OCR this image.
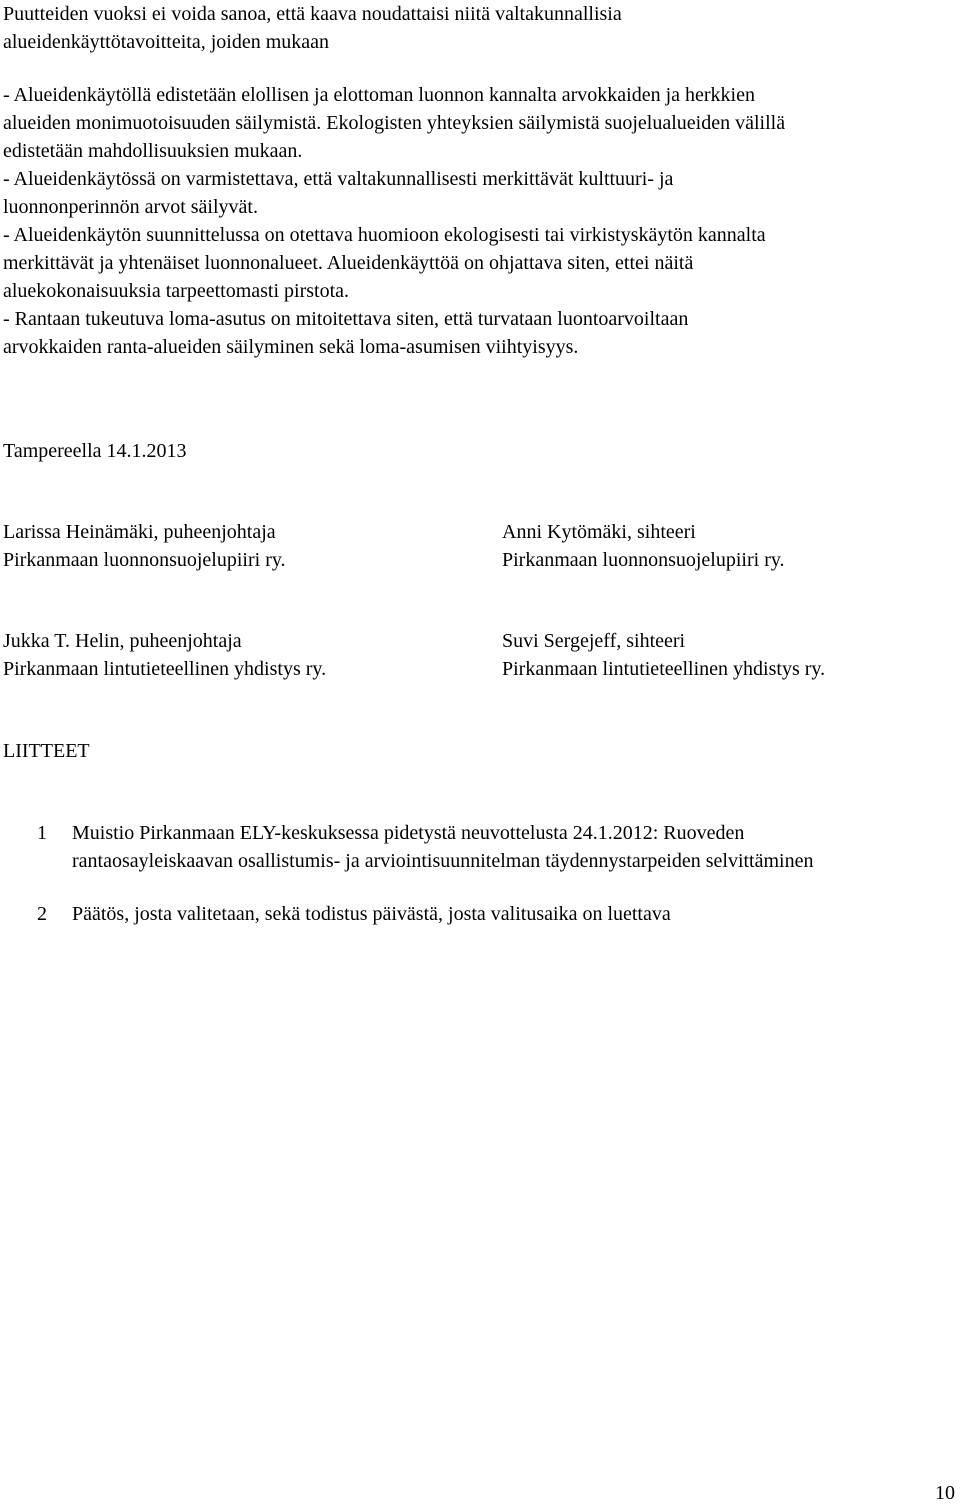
Puutteiden vuoksi ei voida sanoa, että kaava noudattaisi niitä valtakunnallisia
alueidenkäyttötavoitteita, joiden mukaan
- Alueidenkäytöllä edistetään elollisen ja elottoman luonnon kannalta arvokkaiden ja herkkien
alueiden monimuotoisuuden säilymistä. Ekologisten yhteyksien säilymistä suojelualueiden välillä
edistetään mahdollisuuksien mukaan.
- Alueidenkäytössä on varmistettava, että valtakunnallisesti merkittävät kulttuuri- ja
luonnonperinnön arvot säilyvät.
- Alueidenkäytön suunnittelussa on otettava huomioon ekologisesti tai virkistyskäytön kannalta
merkittävät ja yhtenäiset luonnonalueet. Alueidenkäyttöä on ohjattava siten, ettei näitä
aluekokonaisuuksia tarpeettomasti pirstota.
- Rantaan tukeutuva loma-asutus on mitoitettava siten, että turvataan luontoarvoiltaan
arvokkaiden ranta-alueiden säilyminen sekä loma-asumisen viihtyisyys.
Tampereella 14.1.2013
Larissa Heinämäki, puheenjohtaja
Pirkanmaan luonnonsuojelupiiri ry.
Anni Kytömäki, sihteeri
Pirkanmaan luonnonsuojelupiiri ry.
Jukka T. Helin, puheenjohtaja
Pirkanmaan lintutieteellinen yhdistys ry.
Suvi Sergejeff, sihteeri
Pirkanmaan lintutieteellinen yhdistys ry.
LIITTEET
1	Muistio Pirkanmaan ELY-keskuksessa pidetystä neuvottelusta 24.1.2012: Ruoveden
rantaosayleiskaavan osallistumis- ja arviointisuunnitelman täydennystarpeiden selvittäminen
2	Päätös, josta valitetaan, sekä todistus päivästä, josta valitusaika on luettava
10
